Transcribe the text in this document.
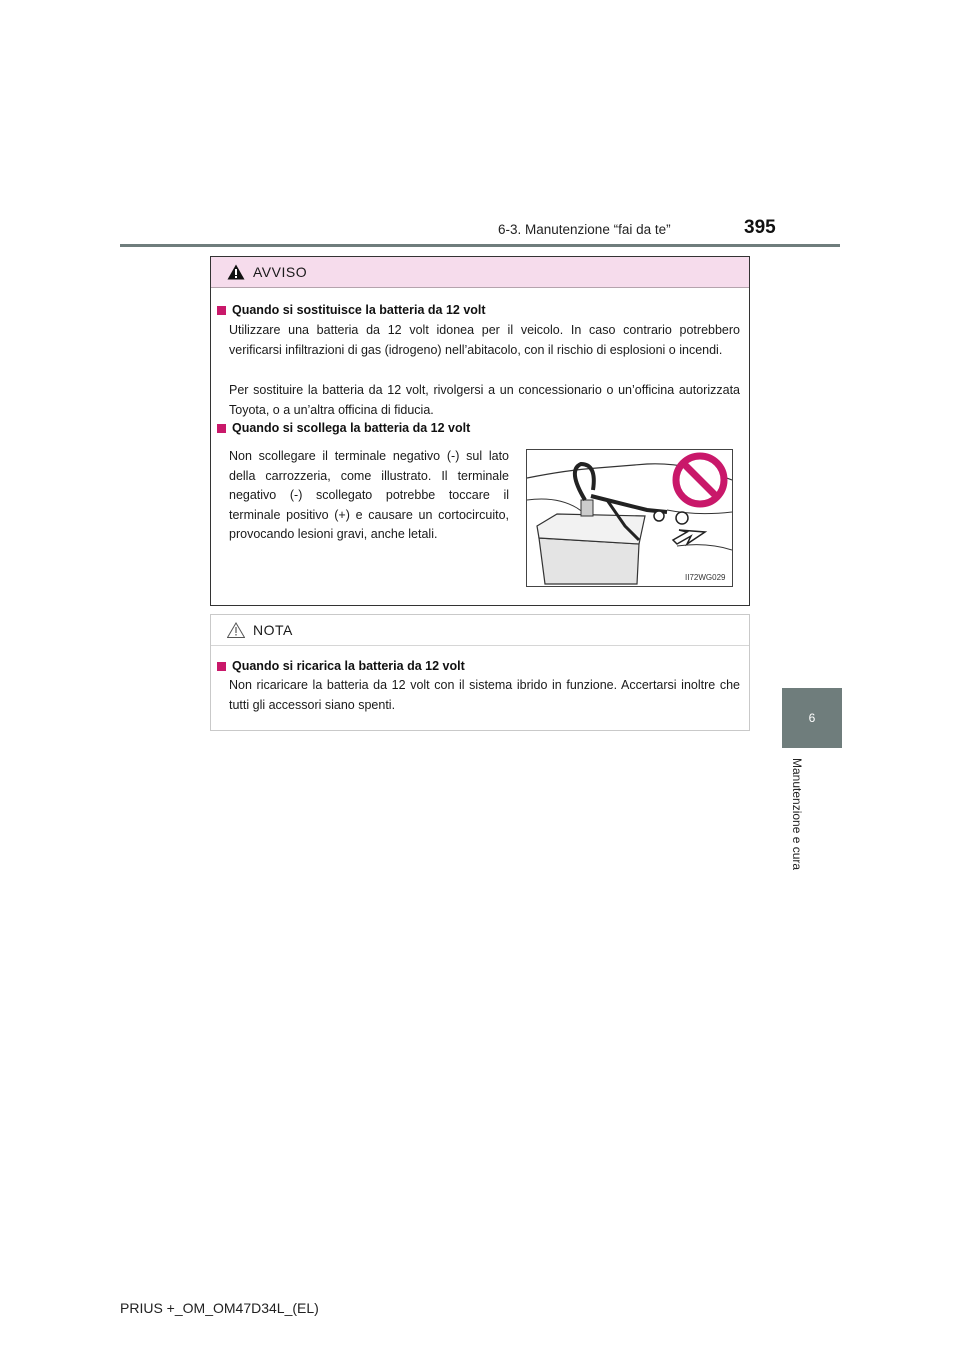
6-3. Manutenzione “fai da te”	395
6
Manutenzione e cura
AVVISO
Quando si sostituisce la batteria da 12 volt
Utilizzare una batteria da 12 volt idonea per il veicolo. In caso contrario potrebbero verificarsi infiltrazioni di gas (idrogeno) nell’abitacolo, con il rischio di esplosioni o incendi.
Per sostituire la batteria da 12 volt, rivolgersi a un concessionario o un’officina autorizzata Toyota, o a un’altra officina di fiducia.
Quando si scollega la batteria da 12 volt
Non scollegare il terminale negativo (-) sul lato della carrozzeria, come illustrato. Il terminale negativo (-) scollegato potrebbe toccare il terminale positivo (+) e causare un cortocircuito, provocando lesioni gravi, anche letali.
II72WG029
NOTA
Quando si ricarica la batteria da 12 volt
Non ricaricare la batteria da 12 volt con il sistema ibrido in funzione. Accertarsi inoltre che tutti gli accessori siano spenti.
PRIUS +_OM_OM47D34L_(EL)
